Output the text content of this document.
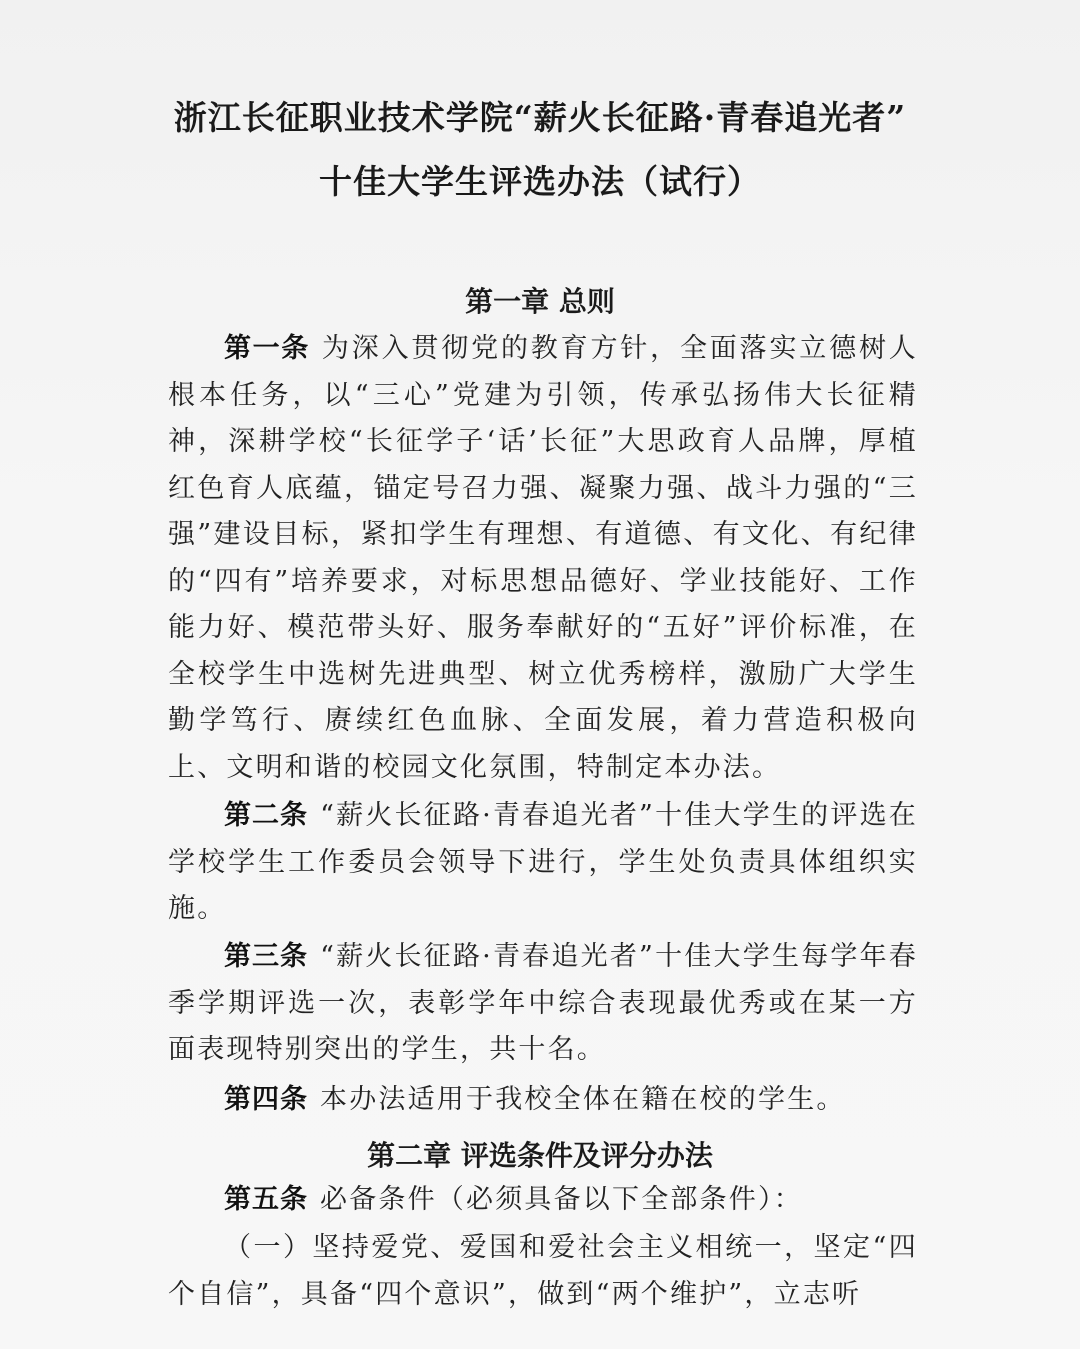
浙江长征职业技术学院“薪火长征路·青春追光者”
十佳大学生评选办法（试行）
第一章 总则
第一条 为深入贯彻党的教育方针，全面落实立德树人根本任务，以“三心”党建为引领，传承弘扬伟大长征精神，深耕学校“长征学子‘话’长征”大思政育人品牌，厚植红色育人底蕴，锚定号召力强、凝聚力强、战斗力强的“三强”建设目标，紧扣学生有理想、有道德、有文化、有纪律的“四有”培养要求，对标思想品德好、学业技能好、工作能力好、模范带头好、服务奉献好的“五好”评价标准，在全校学生中选树先进典型、树立优秀榜样，激励广大学生勤学笃行、赓续红色血脉、全面发展，着力营造积极向上、文明和谐的校园文化氛围，特制定本办法。
第二条 “薪火长征路·青春追光者”十佳大学生的评选在学校学生工作委员会领导下进行，学生处负责具体组织实施。
第三条 “薪火长征路·青春追光者”十佳大学生每学年春季学期评选一次，表彰学年中综合表现最优秀或在某一方面表现特别突出的学生，共十名。
第四条 本办法适用于我校全体在籍在校的学生。
第二章 评选条件及评分办法
第五条 必备条件（必须具备以下全部条件）：
（一）坚持爱党、爱国和爱社会主义相统一，坚定“四个自信”，具备“四个意识”，做到“两个维护”，立志听
